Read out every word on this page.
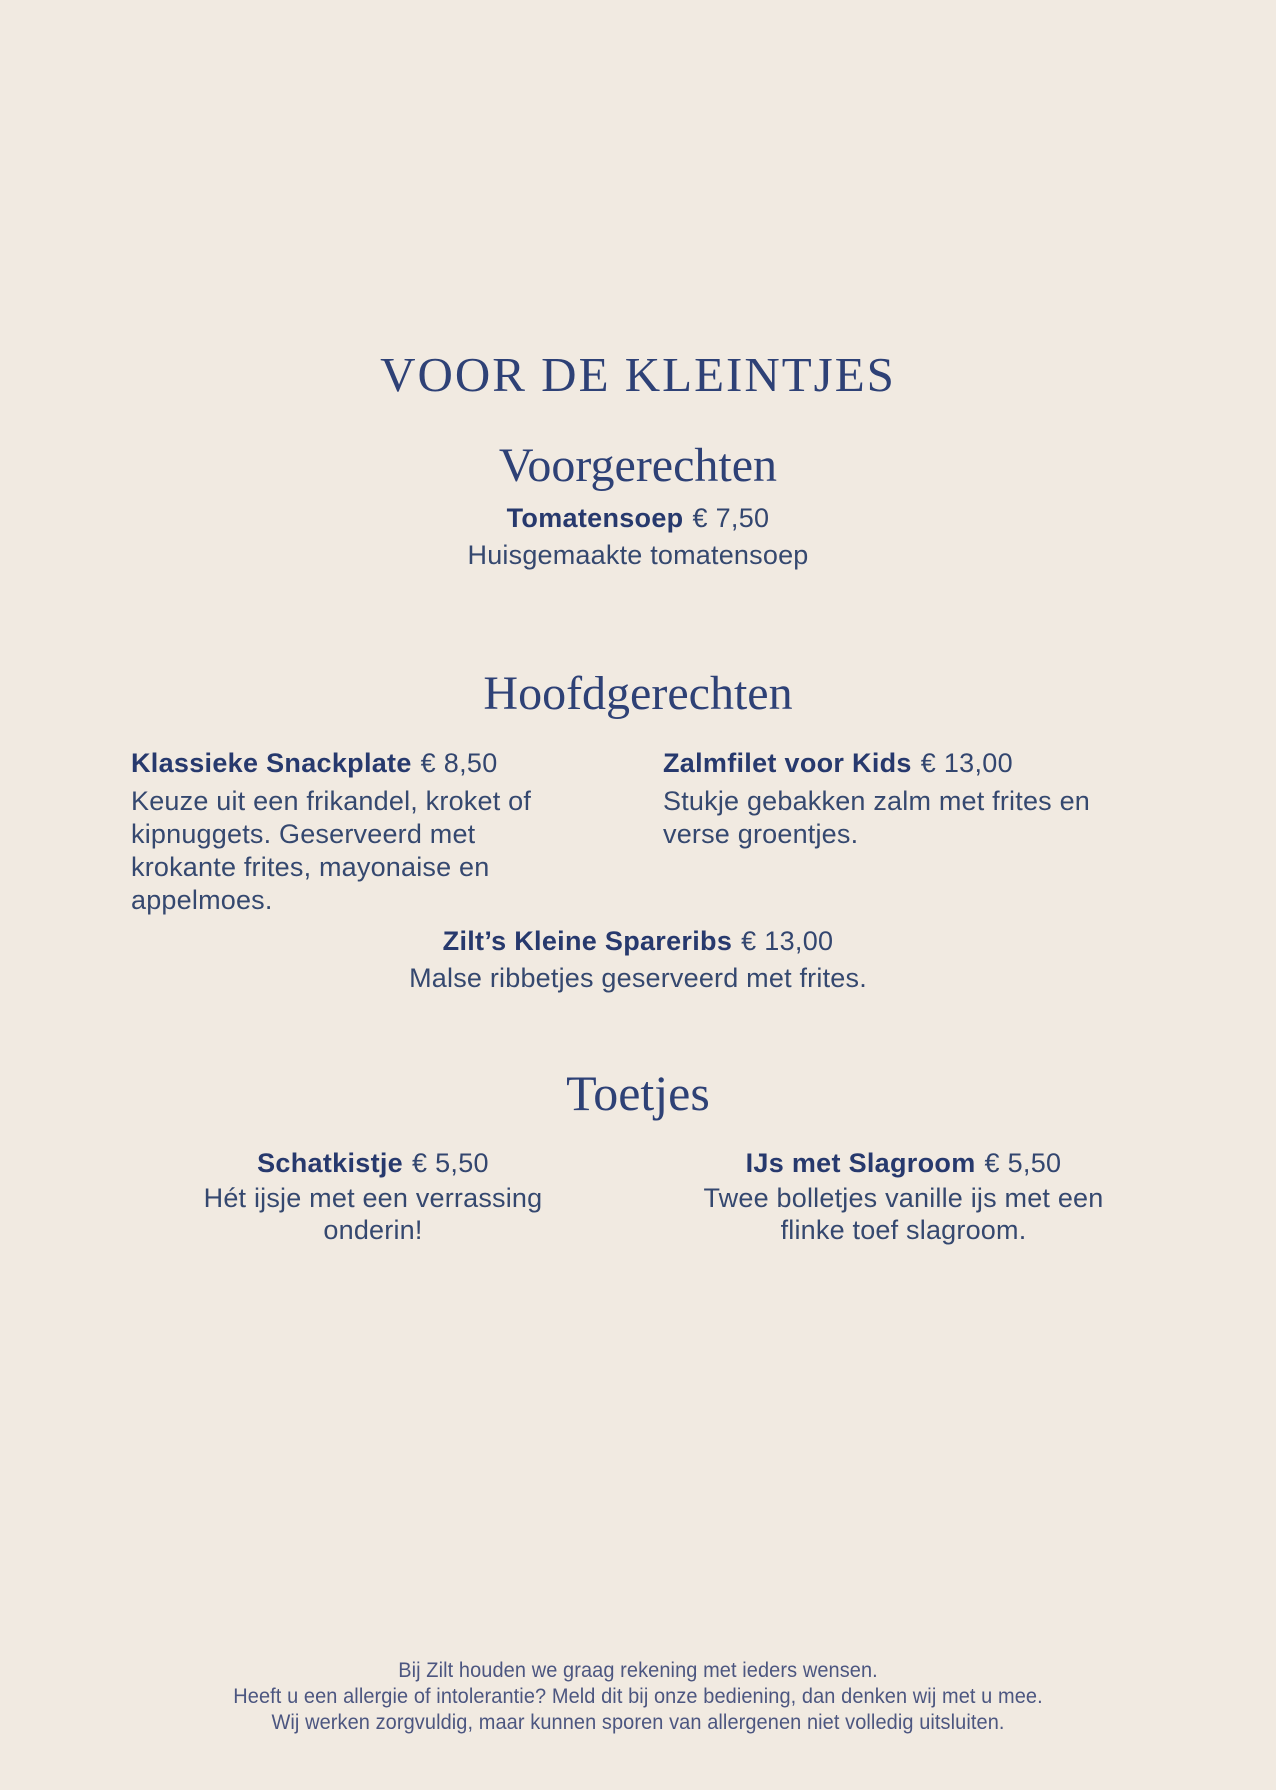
VOOR DE KLEINTJES
Voorgerechten
Tomatensoep € 7,50
Huisgemaakte tomatensoep
Hoofdgerechten
Klassieke Snackplate € 8,50
Keuze uit een frikandel, kroket of kipnuggets. Geserveerd met krokante frites, mayonaise en appelmoes.
Zalmfilet voor Kids € 13,00
Stukje gebakken zalm met frites en verse groentjes.
Zilt’s Kleine Spareribs € 13,00
Malse ribbetjes geserveerd met frites.
Toetjes
Schatkistje € 5,50
Hét ijsje met een verrassing onderin!
IJs met Slagroom € 5,50
Twee bolletjes vanille ijs met een flinke toef slagroom.
Bij Zilt houden we graag rekening met ieders wensen.
Heeft u een allergie of intolerantie? Meld dit bij onze bediening, dan denken wij met u mee.
Wij werken zorgvuldig, maar kunnen sporen van allergenen niet volledig uitsluiten.
